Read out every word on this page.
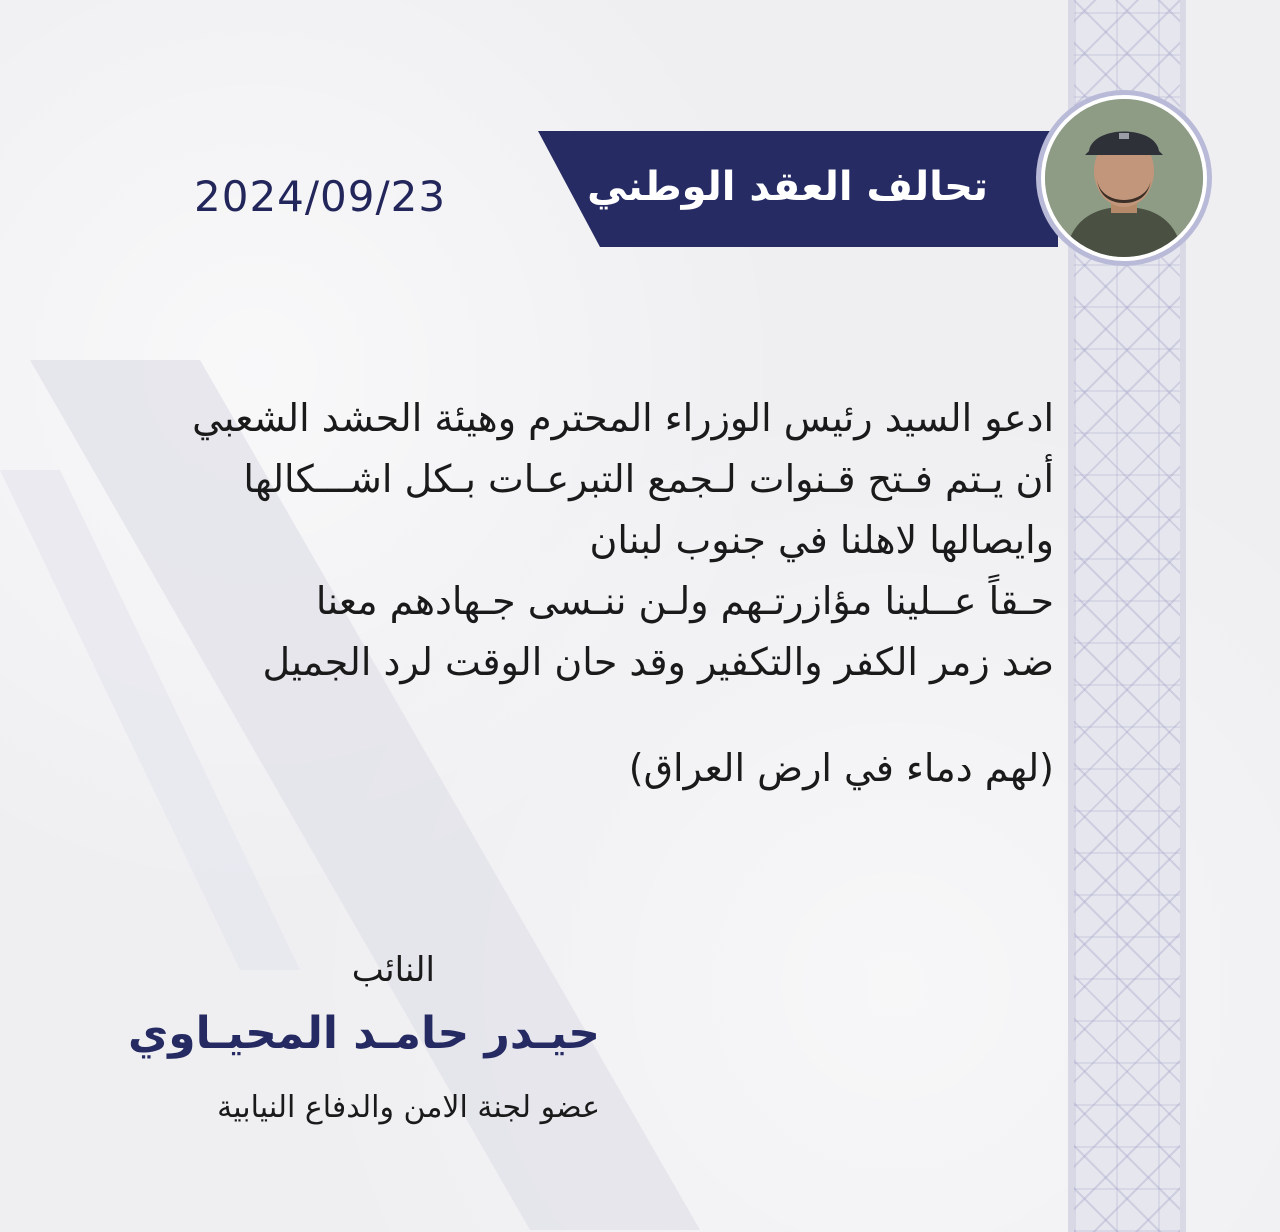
تحالف العقد الوطني
2024/09/23
ادعو السيد رئيس الوزراء المحترم وهيئة الحشد الشعبي
أن يـتم فـتح قـنوات لـجمع التبرعـات بـكل اشـــكالها
وايصالها لاهلنا في جنوب لبنان
حـقاً عــلينا مؤازرتـهم ولـن ننـسى جـهادهم معنا
ضد زمر الكفر والتكفير وقد حان الوقت لرد الجميل
(لهم دماء في ارض العراق)
النائب
حيـدر حامـد المحيـاوي
عضو لجنة الامن والدفاع النيابية
